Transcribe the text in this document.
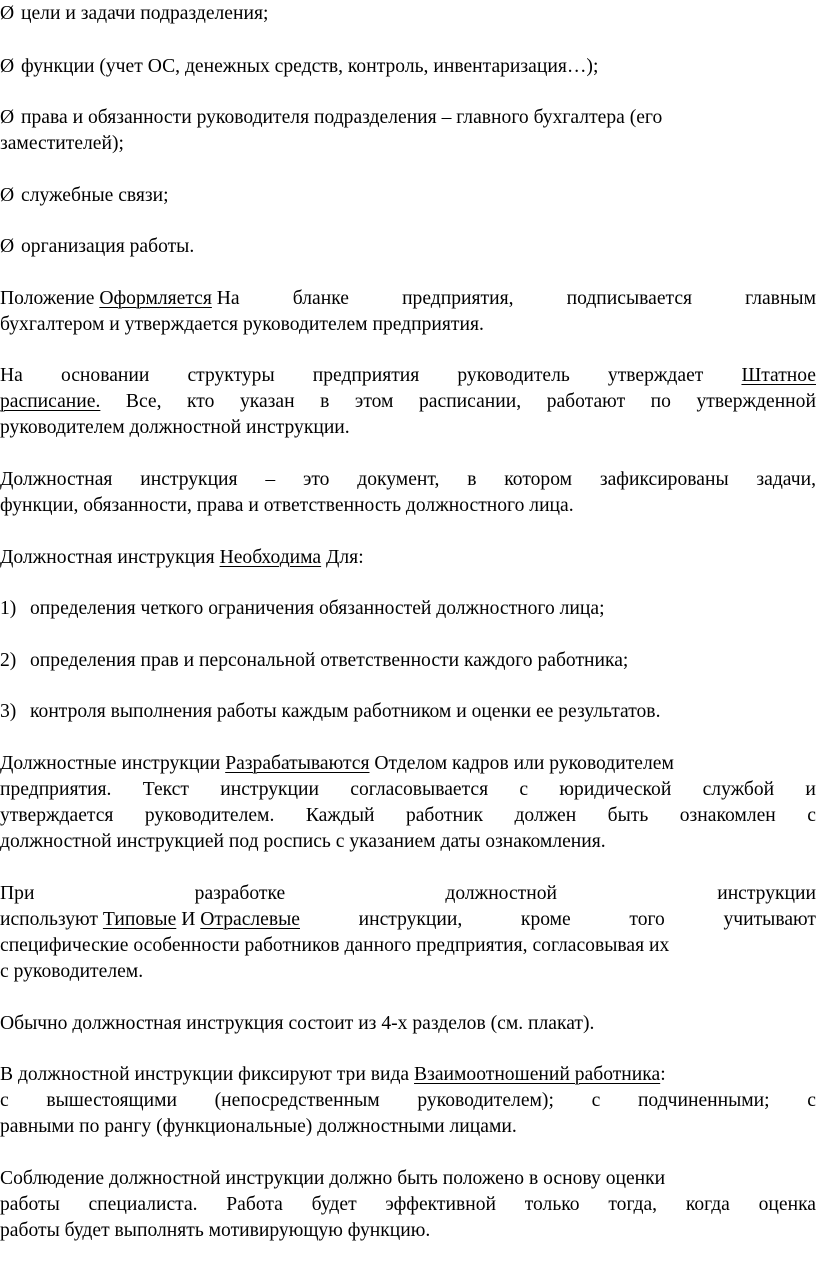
Ø цели и задачи подразделения;
Ø функции (учет ОС, денежных средств, контроль, инвентаризация…);
Ø права и обязанности руководителя подразделения – главного бухгалтера (его
заместителей);
Ø служебные связи;
Ø организация работы.
Положение Оформляется На	бланке	предприятия,	подписывается	главным
бухгалтером и утверждается руководителем предприятия.
На основании структуры предприятия руководитель утверждает Штатное
расписание. Все, кто указан в этом расписании, работают по утвержденной
руководителем должностной инструкции.
Должностная инструкция – это документ, в котором зафиксированы задачи,
функции, обязанности, права и ответственность должностного лица.
Должностная инструкция Необходима Для:
1) определения четкого ограничения обязанностей должностного лица;
2) определения прав и персональной ответственности каждого работника;
3) контроля выполнения работы каждым работником и оценки ее результатов.
Должностные инструкции Разрабатываются Отделом кадров или руководителем
предприятия. Текст инструкции согласовывается с юридической службой и
утверждается руководителем. Каждый работник должен быть ознакомлен с
должностной инструкцией под роспись с указанием даты ознакомления.
При	разработке	должностной	инструкции
используют Типовые И Отраслевые	инструкции,	кроме	того	учитывают
специфические особенности работников данного предприятия, согласовывая их
с руководителем.
Обычно должностная инструкция состоит из 4-х разделов (см. плакат).
В должностной инструкции фиксируют три вида Взаимоотношений работника:
с вышестоящими (непосредственным руководителем); с подчиненными; с
равными по рангу (функциональные) должностными лицами.
Соблюдение должностной инструкции должно быть положено в основу оценки
работы специалиста. Работа будет эффективной только тогда, когда оценка
работы будет выполнять мотивирующую функцию.
